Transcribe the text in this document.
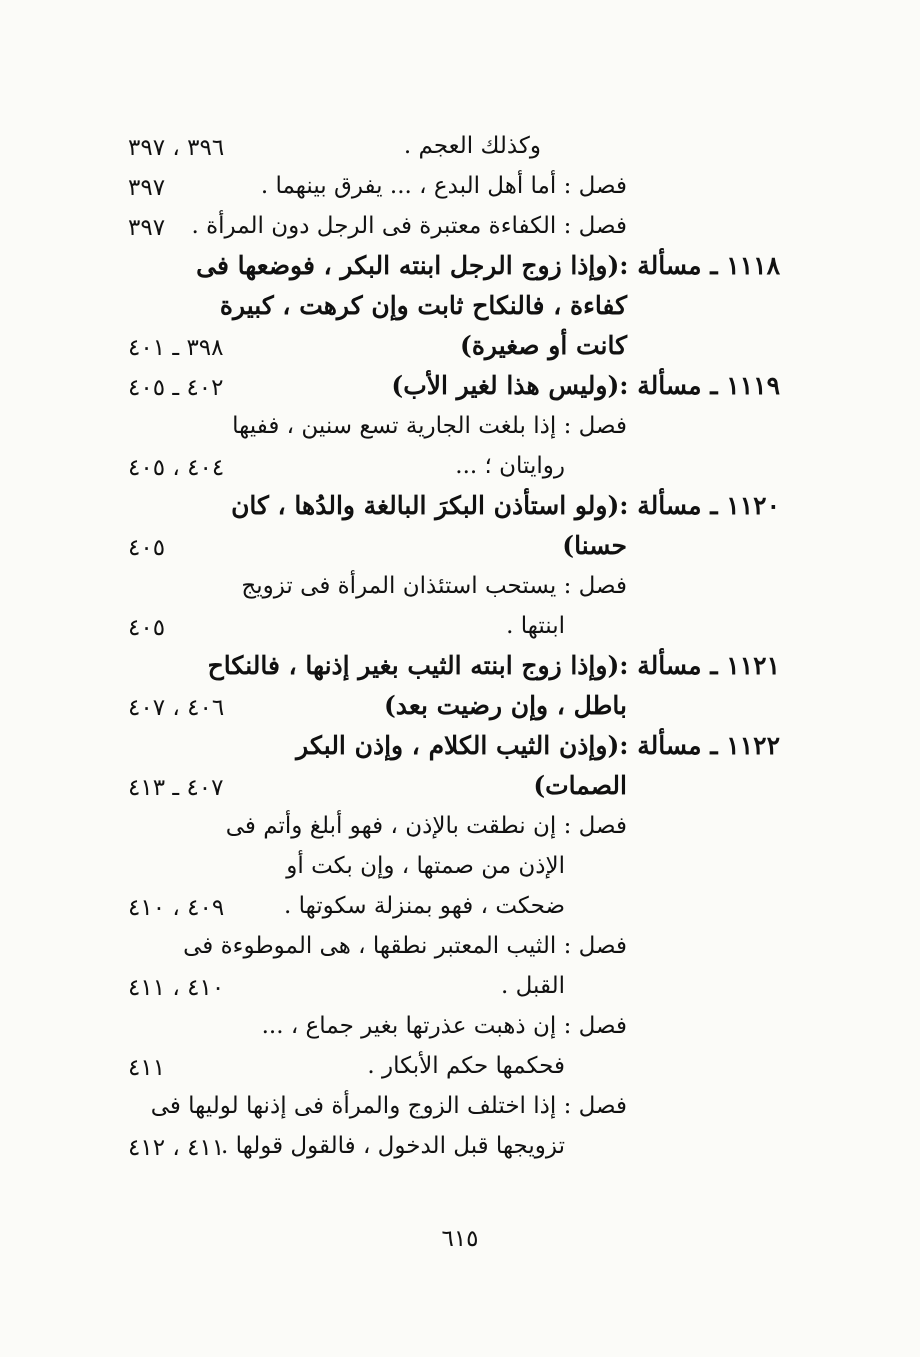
وكذلك العجم .
٣٩٦ ، ٣٩٧
فصل : أما أهل البدع ، ... يفرق بينهما .
٣٩٧
فصل : الكفاءة معتبرة فى الرجل دون المرأة .
٣٩٧
١١١٨ ـ مسألة :(وإذا زوج الرجل ابنته البكر ، فوضعها فى
كفاءة ، فالنكاح ثابت وإن كرهت ، كبيرة
كانت أو صغيرة)
٣٩٨ ـ ٤٠١
١١١٩ ـ مسألة :(وليس هذا لغير الأب)
٤٠٢ ـ ٤٠٥
فصل : إذا بلغت الجارية تسع سنين ، ففيها
روايتان ؛ ...
٤٠٤ ، ٤٠٥
١١٢٠ ـ مسألة :(ولو استأذن البكرَ البالغة والدُها ، كان
حسنا)
٤٠٥
فصل : يستحب استئذان المرأة فى تزويج
ابنتها .
٤٠٥
١١٢١ ـ مسألة :(وإذا زوج ابنته الثيب بغير إذنها ، فالنكاح
باطل ، وإن رضيت بعد)
٤٠٦ ، ٤٠٧
١١٢٢ ـ مسألة :(وإذن الثيب الكلام ، وإذن البكر
الصمات)
٤٠٧ ـ ٤١٣
فصل : إن نطقت بالإذن ، فهو أبلغ وأتم فى
الإذن من صمتها ، وإن بكت أو
ضحكت ، فهو بمنزلة سكوتها .
٤٠٩ ، ٤١٠
فصل : الثيب المعتبر نطقها ، هى الموطوءة فى
القبل .
٤١٠ ، ٤١١
فصل : إن ذهبت عذرتها بغير جماع ، ...
فحكمها حكم الأبكار .
٤١١
فصل : إذا اختلف الزوج والمرأة فى إذنها لوليها فى
تزويجها قبل الدخول ، فالقول قولها .
٤١١ ، ٤١٢
٦١٥
